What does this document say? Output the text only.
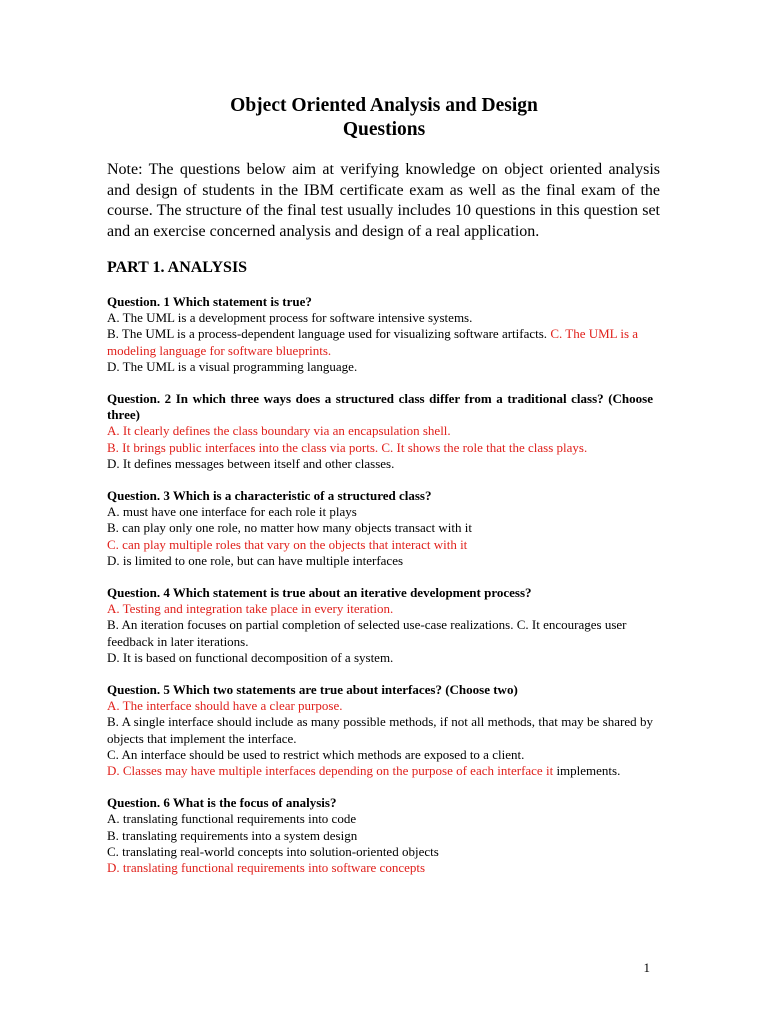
Object Oriented Analysis and Design
Questions
Note: The questions below aim at verifying knowledge on object oriented analysis and design of students in the IBM certificate exam as well as the final exam of the course. The structure of the final test usually includes 10 questions in this question set and an exercise concerned analysis and design of a real application.
PART 1. ANALYSIS
Question. 1 Which statement is true?
A. The UML is a development process for software intensive systems.
B. The UML is a process-dependent language used for visualizing software artifacts. C. The UML is a modeling language for software blueprints.
D. The UML is a visual programming language.
Question. 2 In which three ways does a structured class differ from a traditional class? (Choose three)
A. It clearly defines the class boundary via an encapsulation shell.
B. It brings public interfaces into the class via ports. C. It shows the role that the class plays.
D. It defines messages between itself and other classes.
Question. 3 Which is a characteristic of a structured class?
A. must have one interface for each role it plays
B. can play only one role, no matter how many objects transact with it
C. can play multiple roles that vary on the objects that interact with it
D. is limited to one role, but can have multiple interfaces
Question. 4 Which statement is true about an iterative development process?
A. Testing and integration take place in every iteration.
B. An iteration focuses on partial completion of selected use-case realizations. C. It encourages user feedback in later iterations.
D. It is based on functional decomposition of a system.
Question. 5 Which two statements are true about interfaces? (Choose two)
A. The interface should have a clear purpose.
B. A single interface should include as many possible methods, if not all methods, that may be shared by objects that implement the interface.
C. An interface should be used to restrict which methods are exposed to a client.
D. Classes may have multiple interfaces depending on the purpose of each interface it implements.
Question. 6 What is the focus of analysis?
A. translating functional requirements into code
B. translating requirements into a system design
C. translating real-world concepts into solution-oriented objects
D. translating functional requirements into software concepts
1
